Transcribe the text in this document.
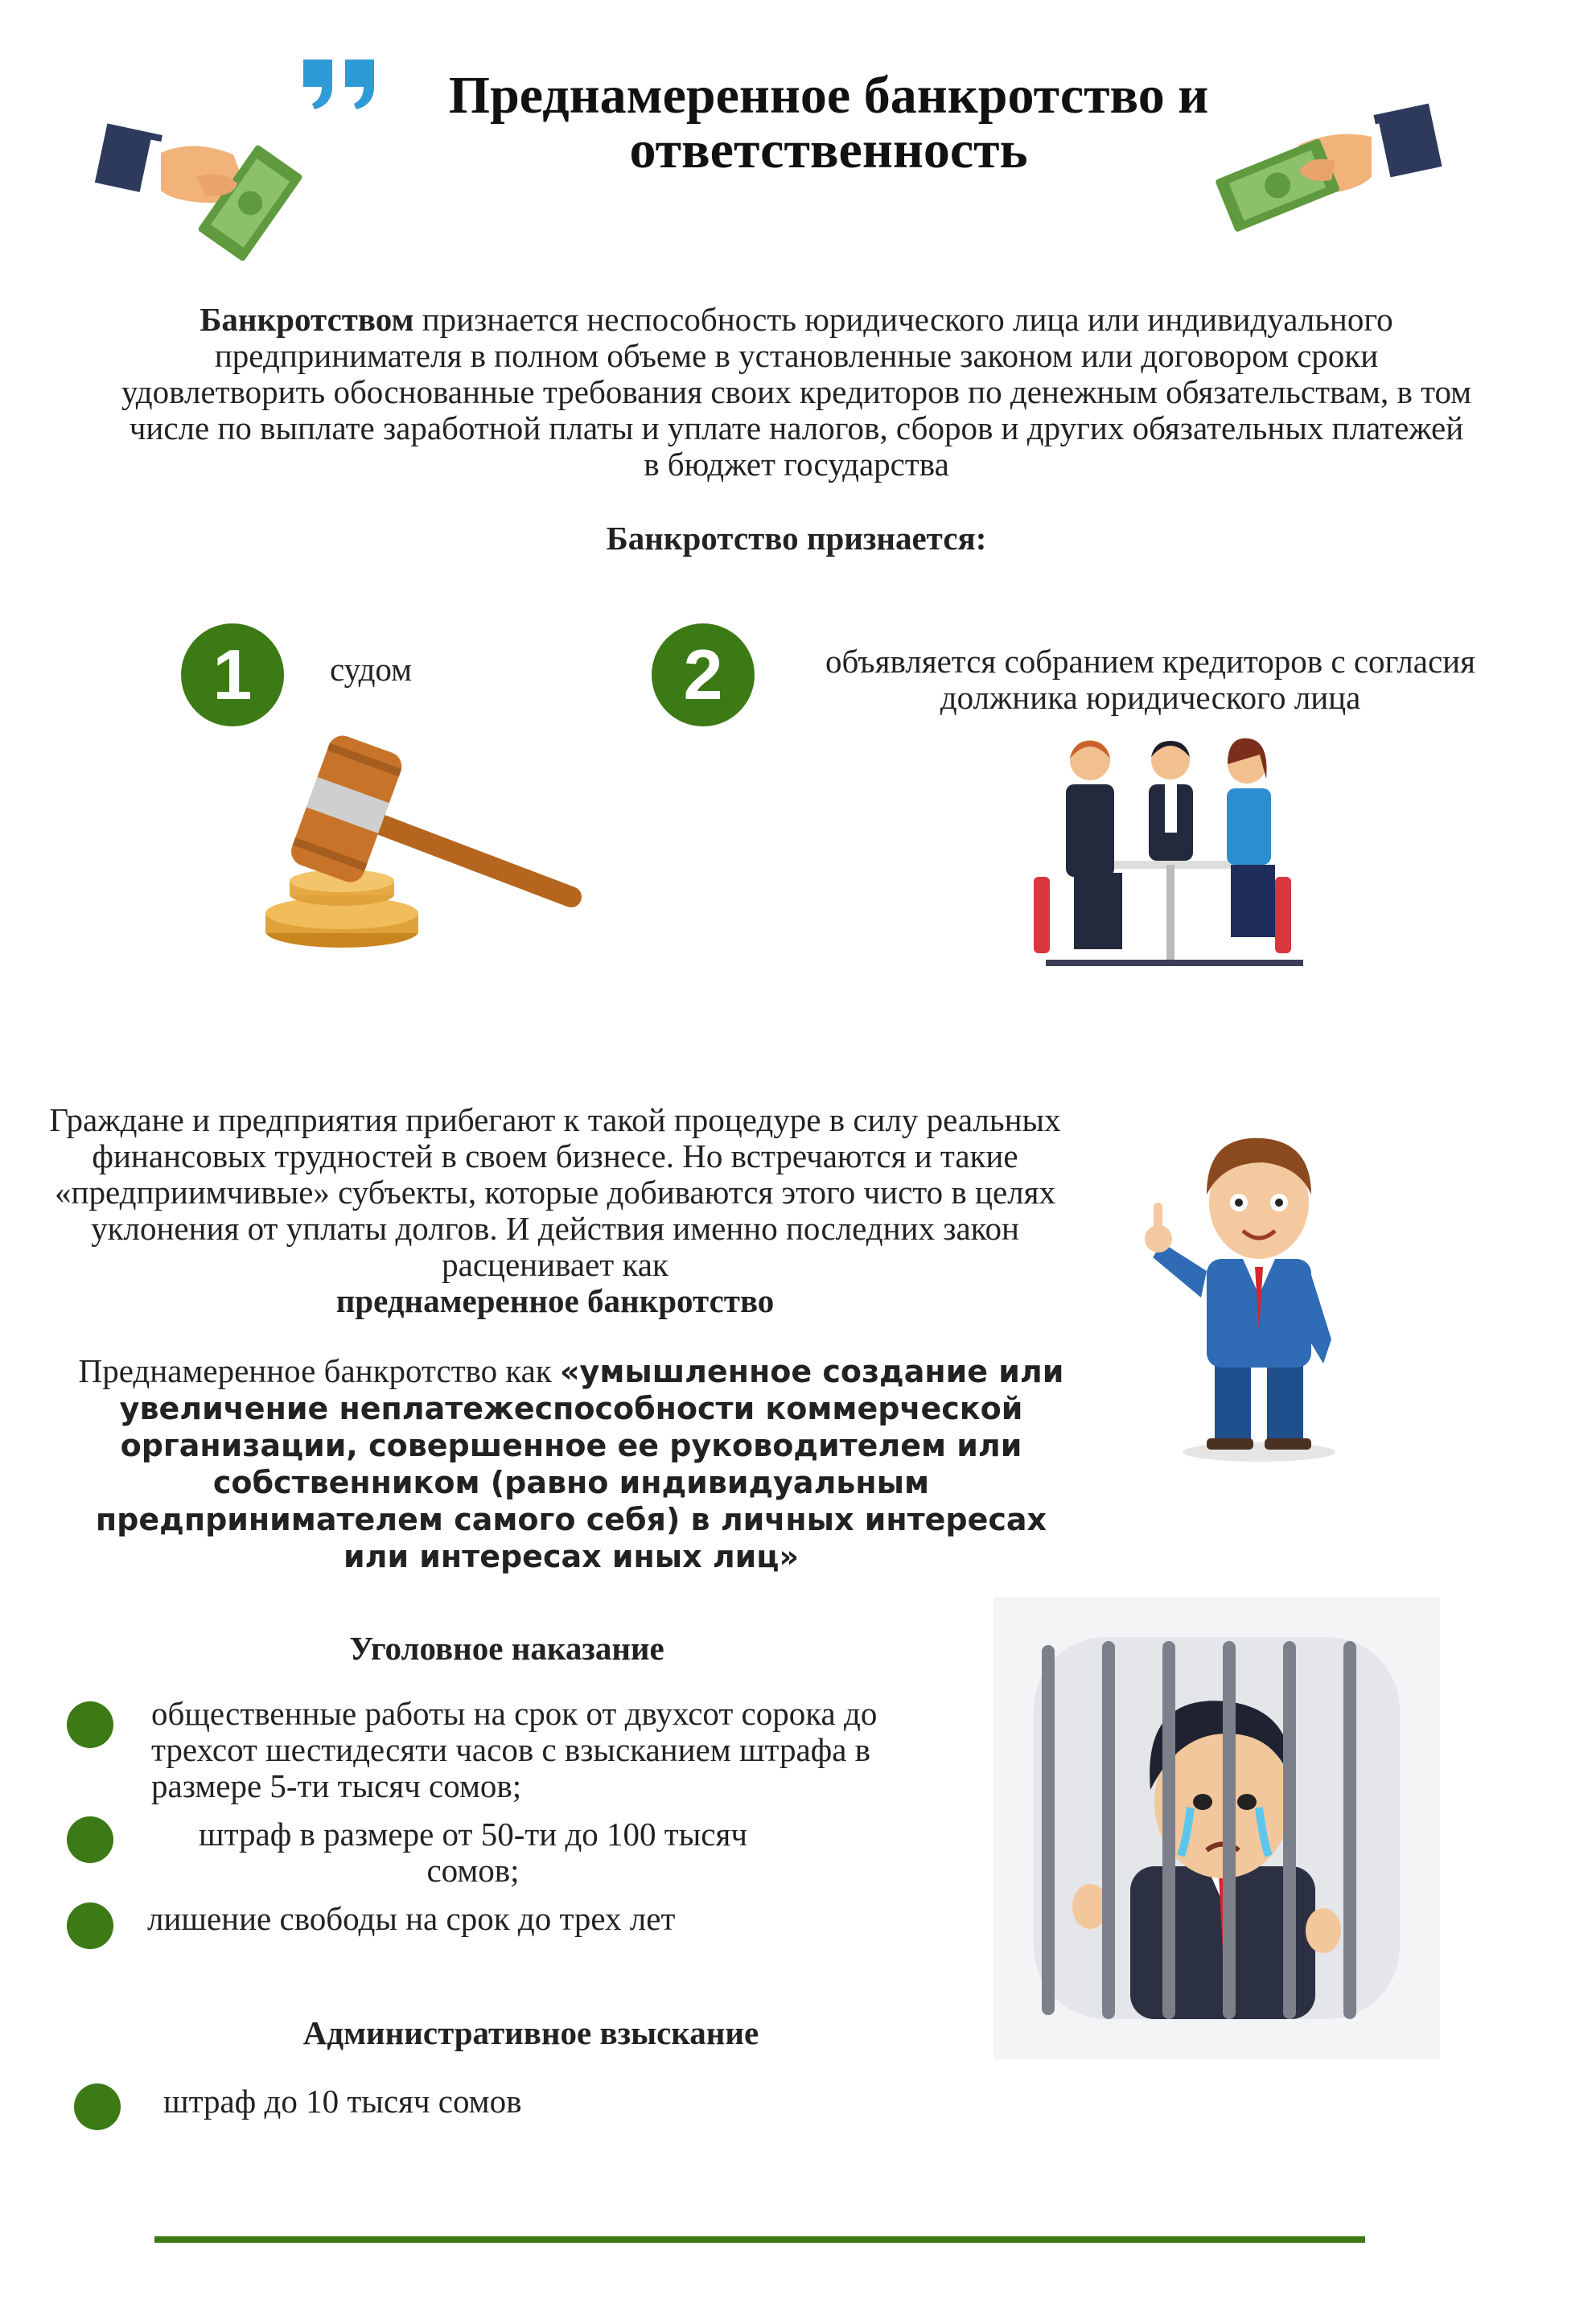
Преднамеренное банкротство и
ответственность
Банкротством признается неспособность юридического лица или индивидуального предпринимателя в полном объеме в установленные законом или договором сроки удовлетворить обоснованные требования своих кредиторов по денежным обязательствам, в том числе по выплате заработной платы и уплате налогов, сборов и других обязательных платежей в бюджет государства
Банкротство признается:
1	судом	2	объявляется собранием кредиторов с согласия должника юридического лица
Граждане и предприятия прибегают к такой процедуре в силу реальных финансовых трудностей в своем бизнесе. Но встречаются и такие «предприимчивые» субъекты, которые добиваются этого чисто в целях уклонения от уплаты долгов. И действия именно последних закон расценивает как
преднамеренное банкротство
Преднамеренное банкротство как «умышленное создание или увеличение неплатежеспособности коммерческой организации, совершенное ее руководителем или собственником (равно индивидуальным предпринимателем самого себя) в личных интересах или интересах иных лиц»
Уголовное наказание
общественные работы на срок от двухсот сорока до трехсот шестидесяти часов с взысканием штрафа в размере 5-ти тысяч сомов;
штраф в размере от 50-ти до 100 тысяч сомов;
лишение свободы на срок до трех лет
Административное взыскание
штраф до 10 тысяч сомов
